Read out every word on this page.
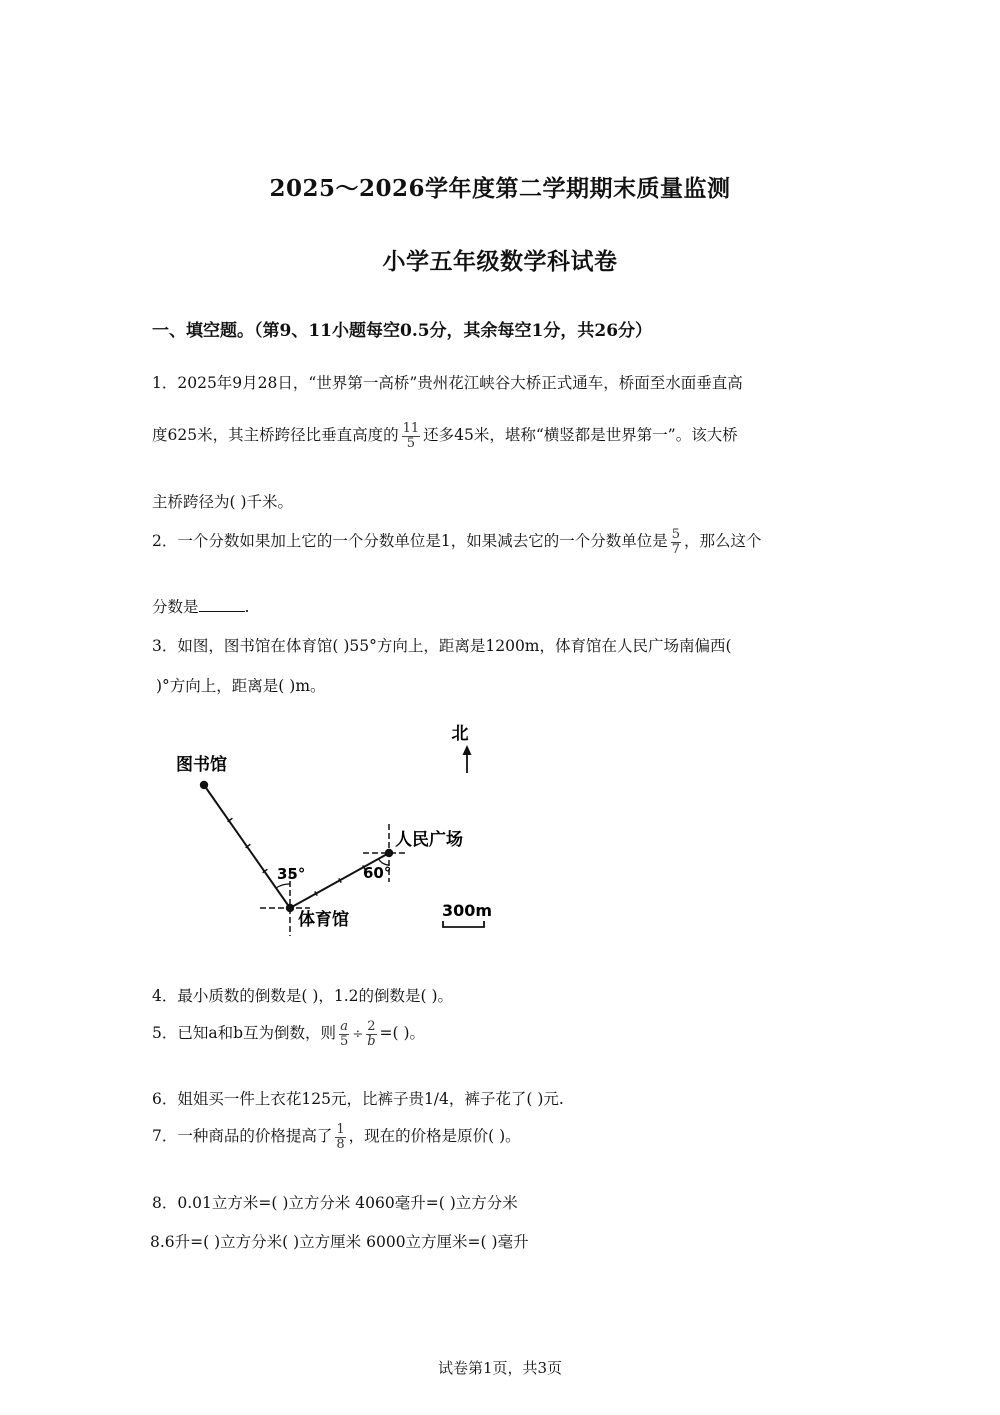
2025～2026学年度第二学期期末质量监测
小学五年级数学科试卷
一、填空题。（第9、11小题每空0.5分，其余每空1分，共26分）
1．2025年9月28日，“世界第一高桥”贵州花江峡谷大桥正式通车，桥面至水面垂直高
度625米，其主桥跨径比垂直高度的 $\frac{11}{5}$ 还多45米，堪称“横竖都是世界第一”。该大桥
主桥跨径为( )千米。
2．一个分数如果加上它的一个分数单位是1，如果减去它的一个分数单位是 $\frac{5}{7}$ ，那么这个
分数是	.
3．如图，图书馆在体育馆( )55°方向上，距离是1200m，体育馆在人民广场南偏西(
)°方向上，距离是( )m。
北
图书馆
35°
体育馆
60°
人民广场
300m
4．最小质数的倒数是( )，1.2的倒数是( )。
5．已知a和b互为倒数，则 $\frac{a}{5} \div \frac{2}{b}$ =( )。
6．姐姐买一件上衣花125元，比裤子贵1/4，裤子花了( )元.
7．一种商品的价格提高了 $\frac{1}{8}$ ，现在的价格是原价( )。
8．0.01立方米=( )立方分米 4060毫升=( )立方分米
8.6升=( )立方分米( )立方厘米 6000立方厘米=( )毫升
试卷第1页，共3页
